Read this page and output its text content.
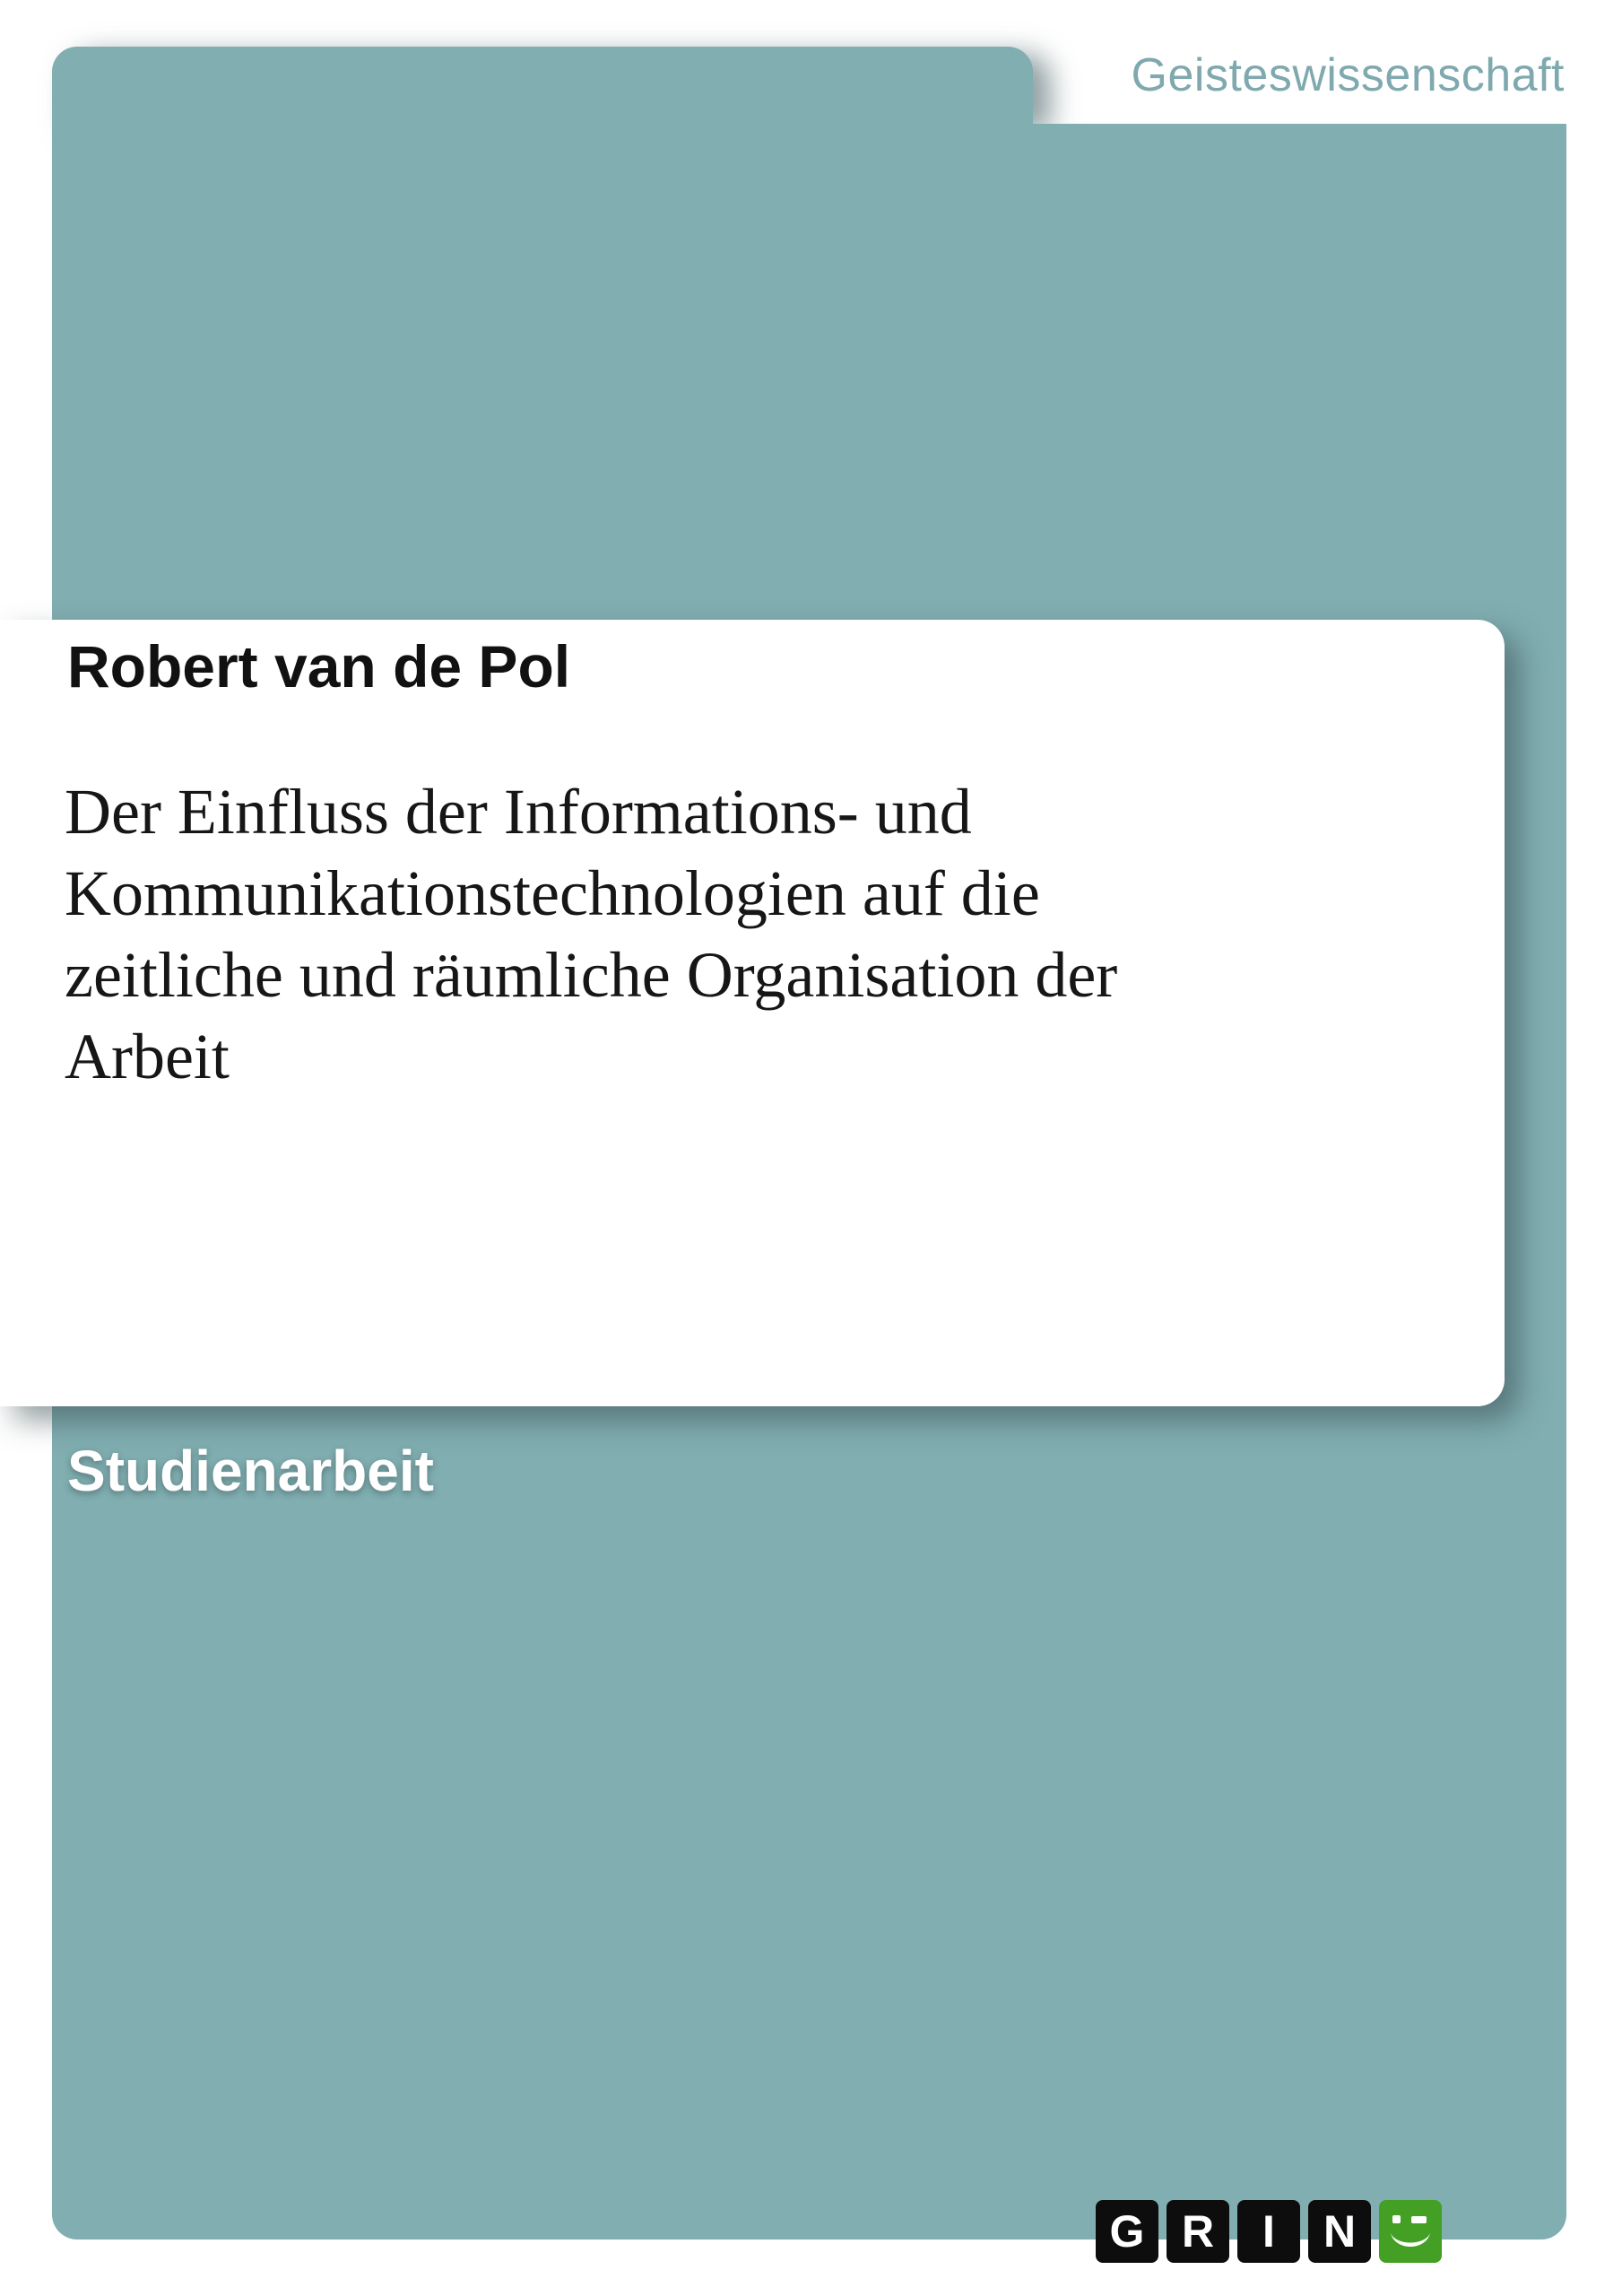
Geisteswissenschaft
Robert van de Pol
Der Einfluss der Informations- und
Kommunikationstechnologien auf die
zeitliche und räumliche Organisation der
Arbeit
Studienarbeit
G R I N
